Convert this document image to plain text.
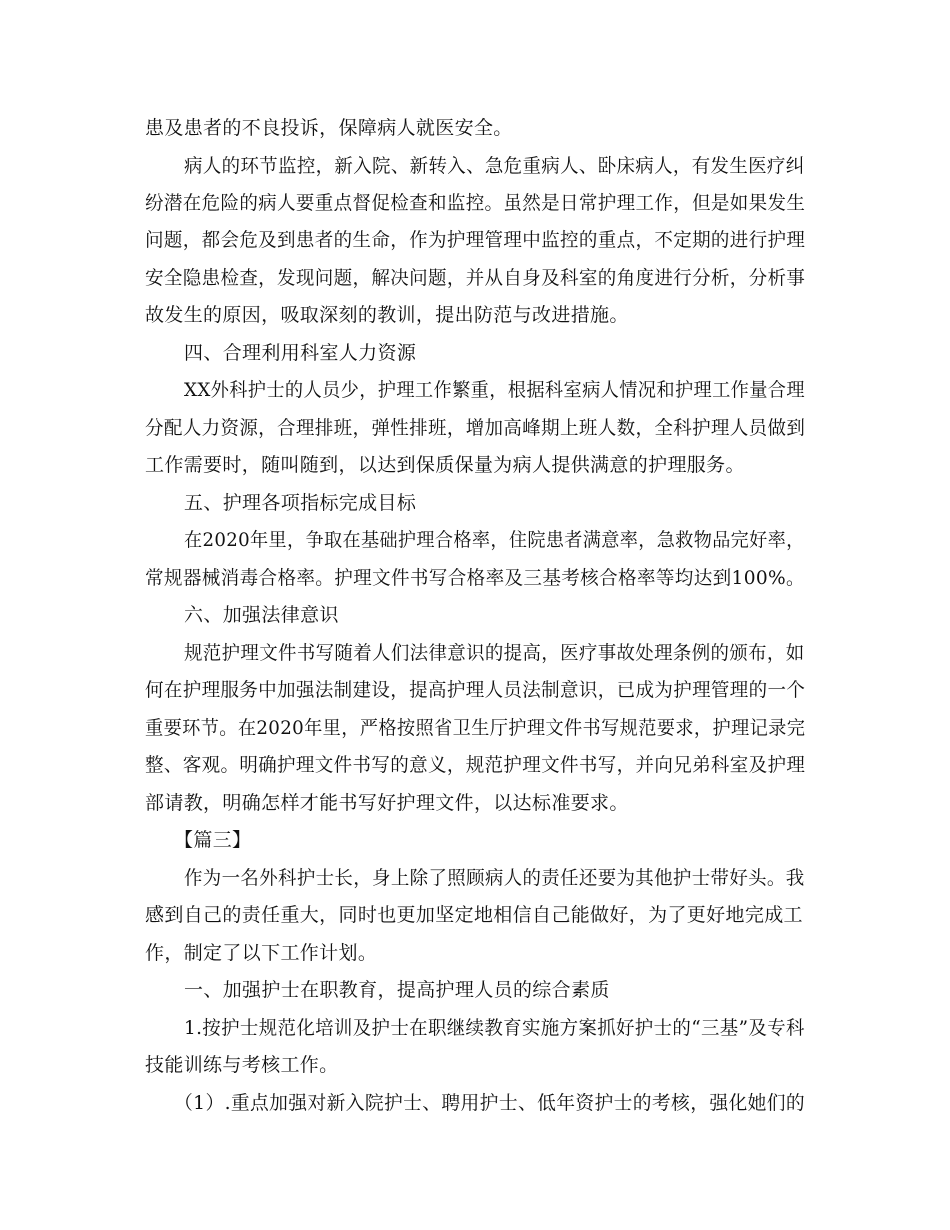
患及患者的不良投诉，保障病人就医安全。
病人的环节监控，新入院、新转入、急危重病人、卧床病人，有发生医疗纠
纷潜在危险的病人要重点督促检查和监控。虽然是日常护理工作，但是如果发生
问题，都会危及到患者的生命，作为护理管理中监控的重点，不定期的进行护理
安全隐患检查，发现问题，解决问题，并从自身及科室的角度进行分析，分析事
故发生的原因，吸取深刻的教训，提出防范与改进措施。
四、合理利用科室人力资源
XX外科护士的人员少，护理工作繁重，根据科室病人情况和护理工作量合理
分配人力资源，合理排班，弹性排班，增加高峰期上班人数，全科护理人员做到
工作需要时，随叫随到，以达到保质保量为病人提供满意的护理服务。
五、护理各项指标完成目标
在2020年里，争取在基础护理合格率，住院患者满意率，急救物品完好率，
常规器械消毒合格率。护理文件书写合格率及三基考核合格率等均达到100%。
六、加强法律意识
规范护理文件书写随着人们法律意识的提高，医疗事故处理条例的颁布，如
何在护理服务中加强法制建设，提高护理人员法制意识，已成为护理管理的一个
重要环节。在2020年里，严格按照省卫生厅护理文件书写规范要求，护理记录完
整、客观。明确护理文件书写的意义，规范护理文件书写，并向兄弟科室及护理
部请教，明确怎样才能书写好护理文件，以达标准要求。
【篇三】
作为一名外科护士长，身上除了照顾病人的责任还要为其他护士带好头。我
感到自己的责任重大，同时也更加坚定地相信自己能做好，为了更好地完成工
作，制定了以下工作计划。
一、加强护士在职教育，提高护理人员的综合素质
1.按护士规范化培训及护士在职继续教育实施方案抓好护士的“三基”及专科
技能训练与考核工作。
（1）.重点加强对新入院护士、聘用护士、低年资护士的考核，强化她们的
